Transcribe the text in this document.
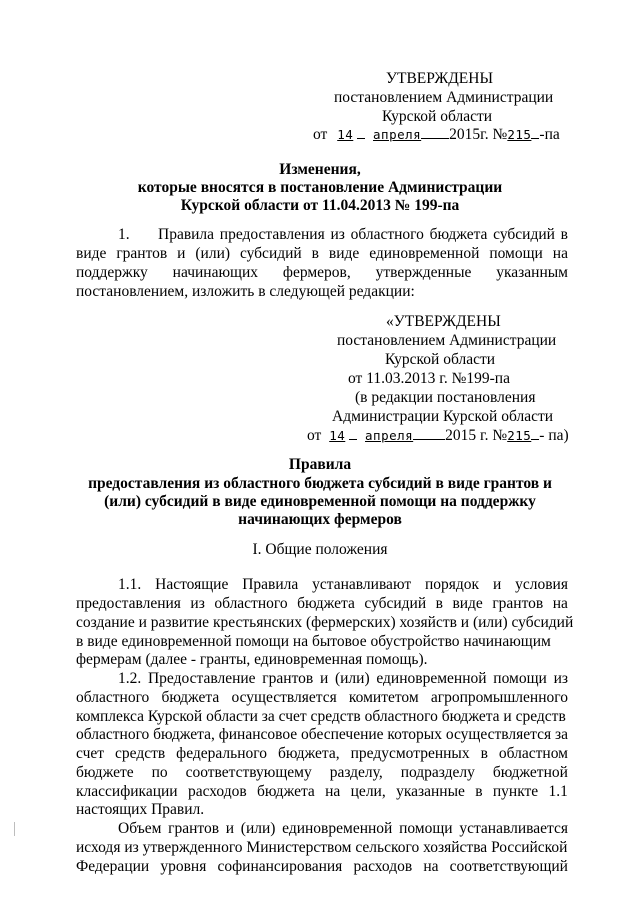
УТВЕРЖДЕНЫ
постановлением Администрации
Курской области
от 14 апреля 2015г. №215 -па
Изменения,
которые вносятся в постановление Администрации
Курской области от 11.04.2013 № 199-па
1. Правила предоставления из областного бюджета субсидий в
виде грантов и (или) субсидий в виде единовременной помощи на
поддержку начинающих фермеров, утвержденные указанным
постановлением, изложить в следующей редакции:
«УТВЕРЖДЕНЫ
постановлением Администрации
Курской области
от 11.03.2013 г. №199-па
(в редакции постановления
Администрации Курской области
от 14 апреля 2015 г. №215 - па)
Правила
предоставления из областного бюджета субсидий в виде грантов и
(или) субсидий в виде единовременной помощи на поддержку
начинающих фермеров
I. Общие положения
1.1. Настоящие Правила устанавливают порядок и условия
предоставления из областного бюджета субсидий в виде грантов на
создание и развитие крестьянских (фермерских) хозяйств и (или) субсидий
в виде единовременной помощи на бытовое обустройство начинающим
фермерам (далее - гранты, единовременная помощь).
1.2. Предоставление грантов и (или) единовременной помощи из
областного бюджета осуществляется комитетом агропромышленного
комплекса Курской области за счет средств областного бюджета и средств
областного бюджета, финансовое обеспечение которых осуществляется за
счет средств федерального бюджета, предусмотренных в областном
бюджете по соответствующему разделу, подразделу бюджетной
классификации расходов бюджета на цели, указанные в пункте 1.1
настоящих Правил.
Объем грантов и (или) единовременной помощи устанавливается
исходя из утвержденного Министерством сельского хозяйства Российской
Федерации уровня софинансирования расходов на соответствующий
